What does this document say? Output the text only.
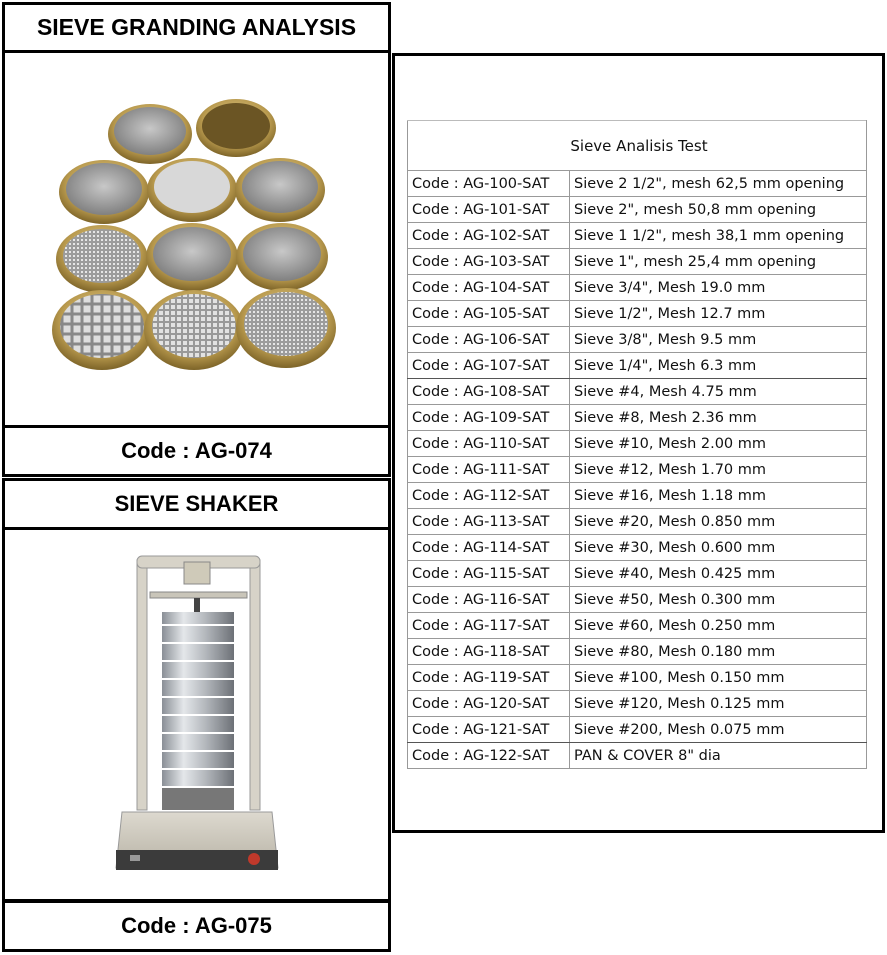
SIEVE GRANDING ANALYSIS
Code : AG-074
SIEVE SHAKER
Code : AG-075
Sieve Analisis Test	
Code : AG-100-SAT	Sieve 2 1/2", mesh 62,5 mm opening
Code : AG-101-SAT	Sieve 2", mesh 50,8 mm opening
Code : AG-102-SAT	Sieve 1 1/2", mesh 38,1 mm opening
Code : AG-103-SAT	Sieve 1", mesh 25,4 mm opening
Code : AG-104-SAT	Sieve 3/4", Mesh 19.0 mm
Code : AG-105-SAT	Sieve 1/2", Mesh 12.7 mm
Code : AG-106-SAT	Sieve 3/8", Mesh 9.5 mm
Code : AG-107-SAT	Sieve 1/4", Mesh 6.3 mm
Code : AG-108-SAT	Sieve #4, Mesh 4.75 mm
Code : AG-109-SAT	Sieve #8, Mesh 2.36 mm
Code : AG-110-SAT	Sieve #10, Mesh 2.00 mm
Code : AG-111-SAT	Sieve #12, Mesh 1.70 mm
Code : AG-112-SAT	Sieve #16, Mesh 1.18 mm
Code : AG-113-SAT	Sieve #20, Mesh 0.850 mm
Code : AG-114-SAT	Sieve #30, Mesh 0.600 mm
Code : AG-115-SAT	Sieve #40, Mesh 0.425 mm
Code : AG-116-SAT	Sieve #50, Mesh 0.300 mm
Code : AG-117-SAT	Sieve #60, Mesh 0.250 mm
Code : AG-118-SAT	Sieve #80, Mesh 0.180 mm
Code : AG-119-SAT	Sieve #100, Mesh 0.150 mm
Code : AG-120-SAT	Sieve #120, Mesh 0.125 mm
Code : AG-121-SAT	Sieve #200, Mesh 0.075 mm
Code : AG-122-SAT	PAN & COVER 8" dia
